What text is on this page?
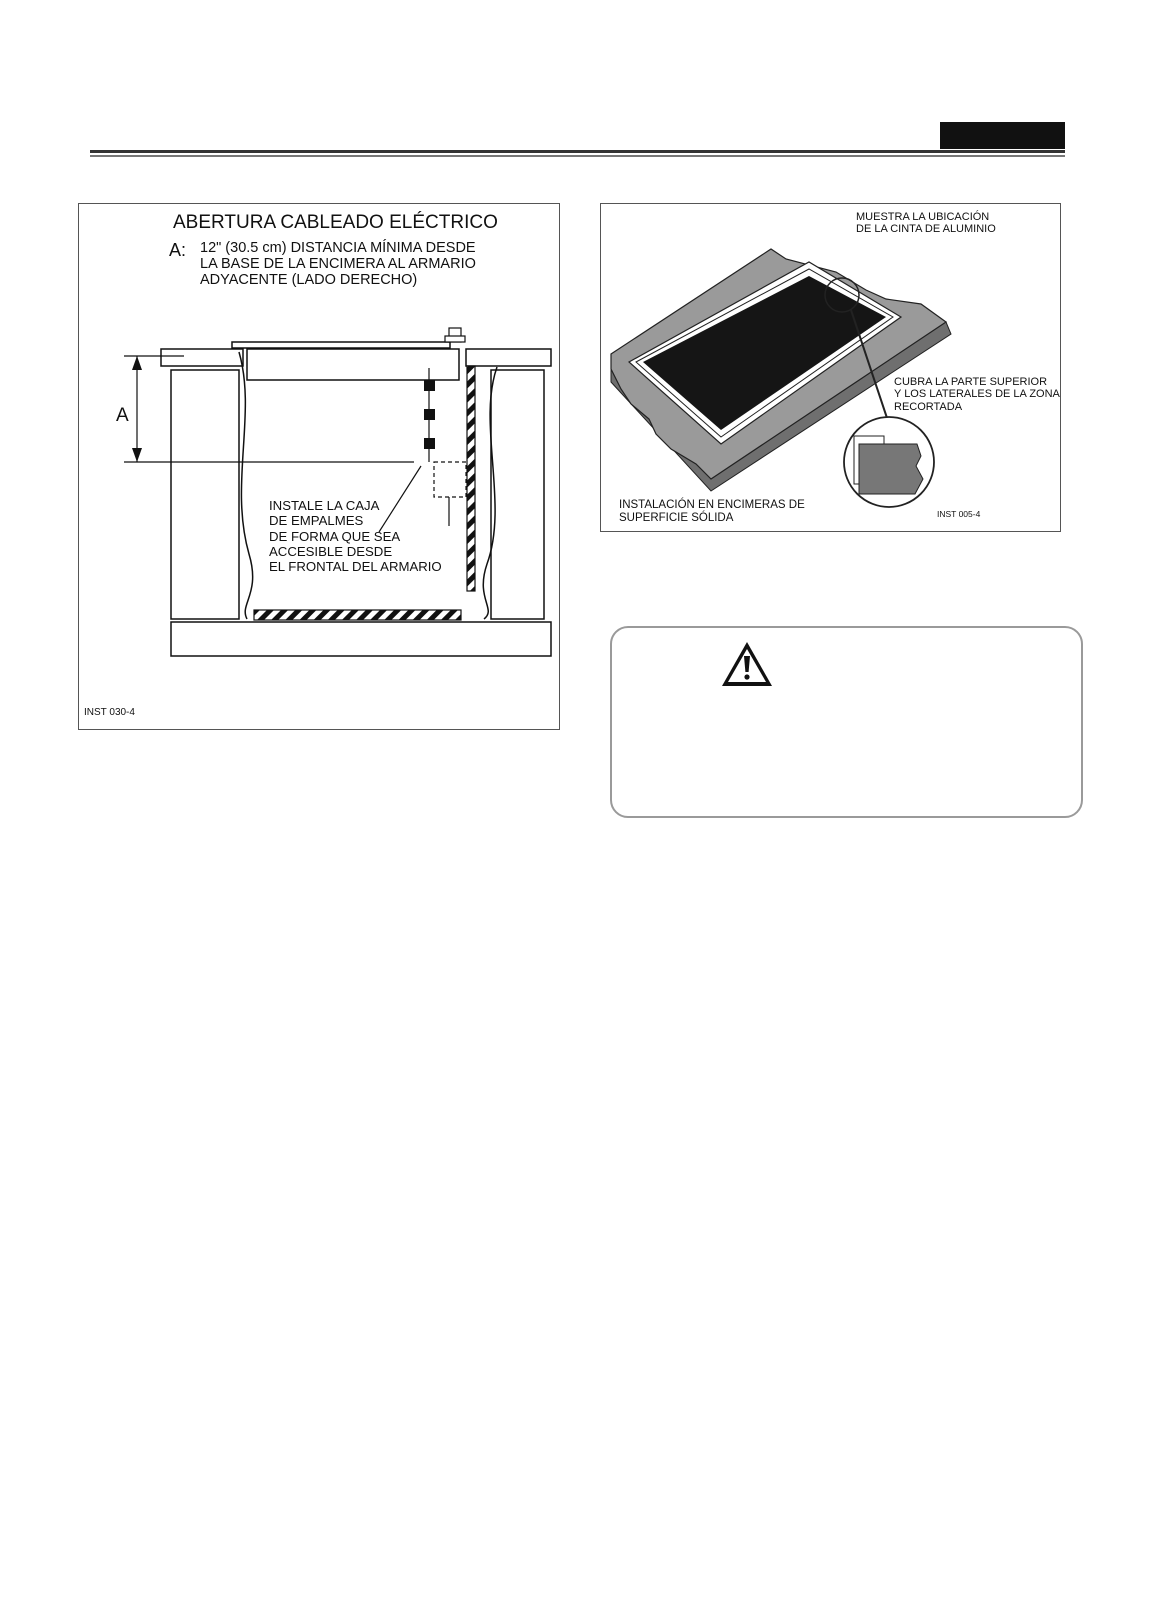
ABERTURA CABLEADO ELÉCTRICO

A: 12" (30.5 cm) DISTANCIA MÍNIMA DESDE
LA BASE DE LA ENCIMERA AL ARMARIO
ADYACENTE (LADO DERECHO)

A

INSTALE LA CAJA
DE EMPALMES
DE FORMA QUE SEA
ACCESIBLE DESDE
EL FRONTAL DEL ARMARIO

INST 030-4

MUESTRA LA UBICACIÓN
DE LA CINTA DE ALUMINIO

CUBRA LA PARTE SUPERIOR
Y LOS LATERALES DE LA ZONA
RECORTADA

INSTALACIÓN EN ENCIMERAS DE
SUPERFICIE SÓLIDA	INST 005-4
